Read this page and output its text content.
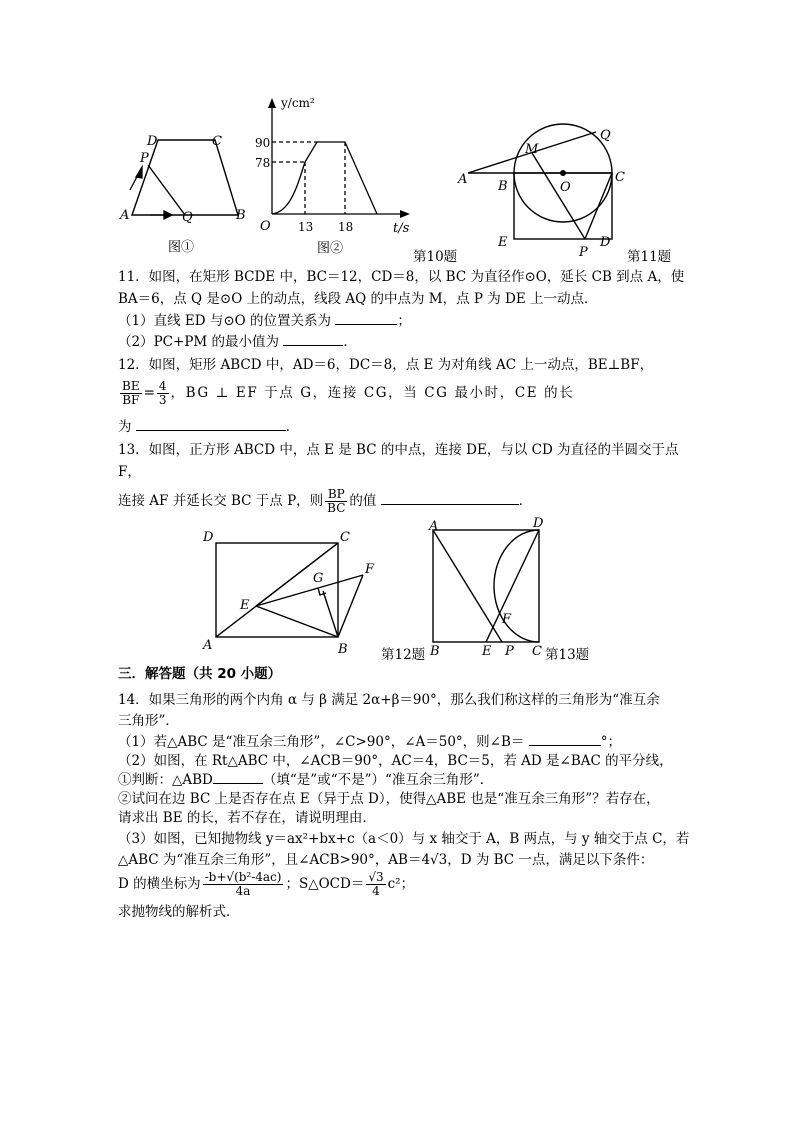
D	C
P
A	Q	B
图①
y/cm²
t/s
O
90
78
13 18
图②
第10题
Q
M
A B	O
C
E
P
D
第11题
11．如图，在矩形 BCDE 中，BC＝12，CD＝8，以 BC 为直径作⊙O，延长 CB 到点 A，使
BA＝6，点 Q 是⊙O 上的动点，线段 AQ 的中点为 M，点 P 为 DE 上一动点．
（1）直线 ED 与⊙O 的位置关系为	；
（2）PC+PM 的最小值为	．
12．如图，矩形 ABCD 中，AD＝6，DC＝8，点 E 为对角线 AC 上一动点，BE⊥BF，
$\frac{BE}{BF} = \frac{4}{3}$ ，BG ⊥ EF 于点 G，连接 CG，当 CG 最小时，CE 的长
为	．
13．如图，正方形 ABCD 中，点 E 是 BC 的中点，连接 DE，与以 CD 为直径的半圆交于点
F，
连接 AF 并延长交 BC 于点 P，则 $\frac{BP}{BC}$ 的值	．
D	C
G
F
E
A	B 第12题
A	D
F
B	E P C 第13题
三．解答题（共 20 小题）
14．如果三角形的两个内角 α 与 β 满足 2α+β＝90°，那么我们称这样的三角形为“准互余
三角形”．
（1）若△ABC 是“准互余三角形”，∠C>90°，∠A＝50°，则∠B＝	°；
（2）如图，在 Rt△ABC 中，∠ACB＝90°，AC＝4，BC＝5，若 AD 是∠BAC 的平分线，
①判断：△ABD	（填“是”或“不是”）“准互余三角形”．
②试问在边 BC 上是否存在点 E（异于点 D），使得△ABE 也是“准互余三角形”？若存在，
请求出 BE 的长，若不存在，请说明理由．
（3）如图，已知抛物线 y＝ax²+bx+c（a＜0）与 x 轴交于 A，B 两点，与 y 轴交于点 C，若
△ABC 为“准互余三角形”，且∠ACB>90°，AB＝4√3，D 为 BC 一点，满足以下条件：
D 的横坐标为 $\frac{\text{-b+√(b²-4ac)}}{4a}$ ；S△OCD＝ $\frac{√3}{4} c^2$；
求抛物线的解析式．
